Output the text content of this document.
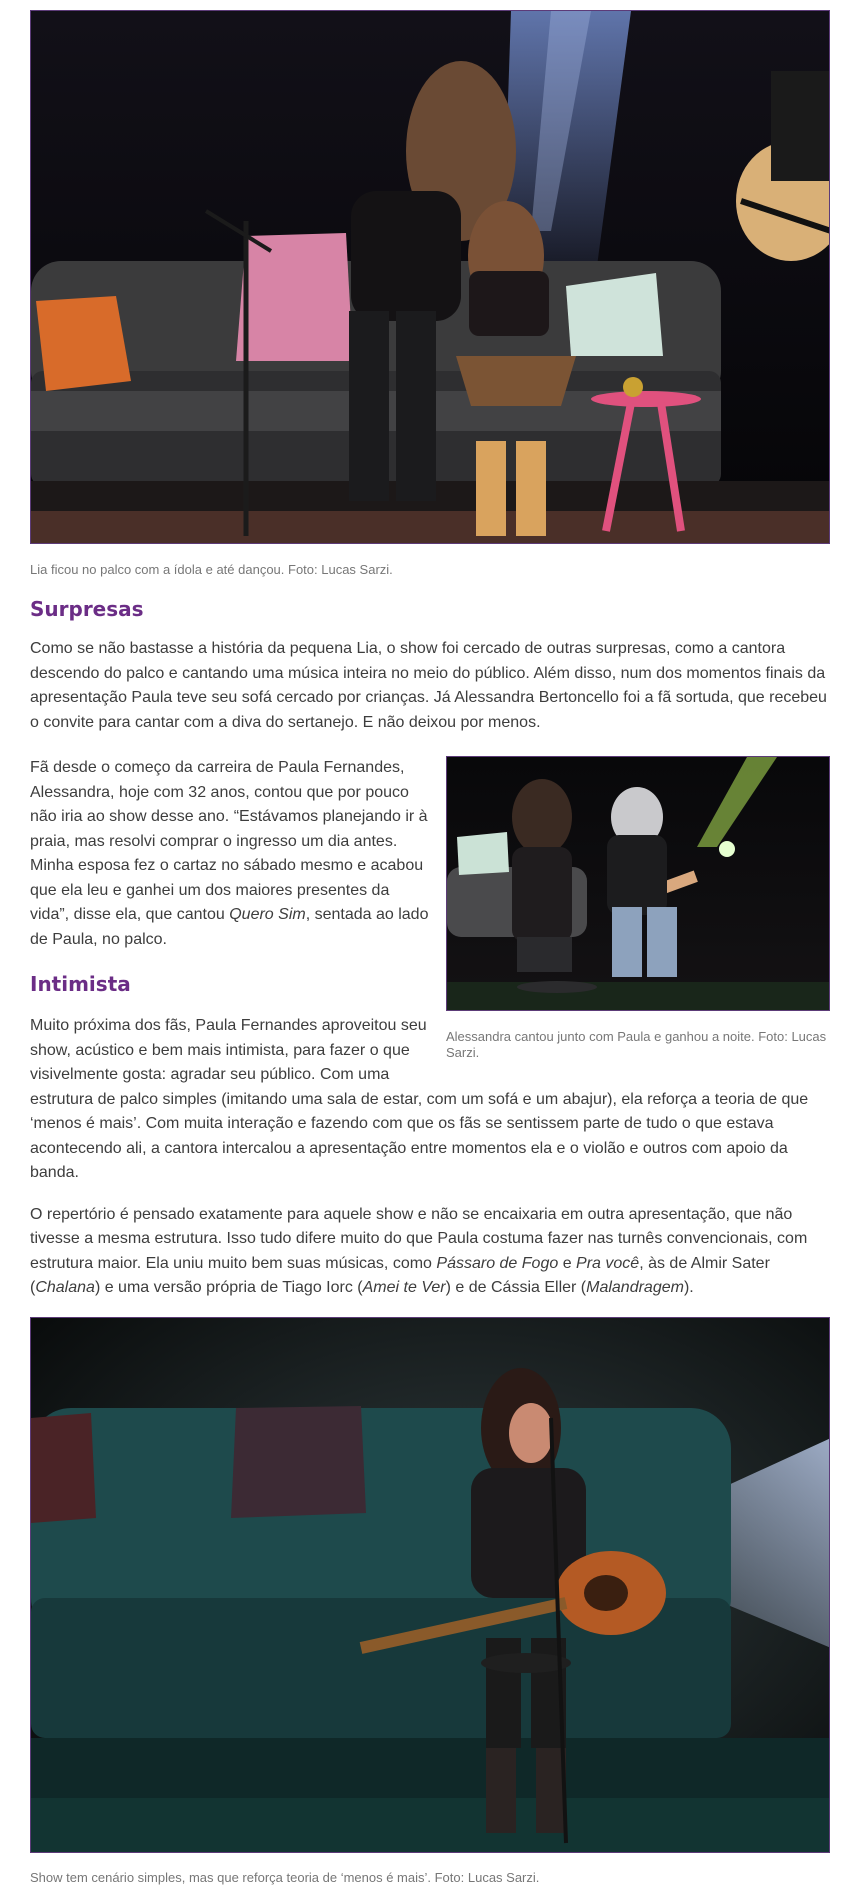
Lia ficou no palco com a ídola e até dançou. Foto: Lucas Sarzi.

Surpresas

Como se não bastasse a história da pequena Lia, o show foi cercado de outras surpresas, como a cantora descendo do palco e cantando uma música inteira no meio do público. Além disso, num dos momentos finais da apresentação Paula teve seu sofá cercado por crianças. Já Alessandra Bertoncello foi a fã sortuda, que recebeu o convite para cantar com a diva do sertanejo. E não deixou por menos.

Alessandra cantou junto com Paula e ganhou a noite. Foto: Lucas Sarzi.

Fã desde o começo da carreira de Paula Fernandes, Alessandra, hoje com 32 anos, contou que por pouco não iria ao show desse ano. “Estávamos planejando ir à praia, mas resolvi comprar o ingresso um dia antes. Minha esposa fez o cartaz no sábado mesmo e acabou que ela leu e ganhei um dos maiores presentes da vida”, disse ela, que cantou Quero Sim, sentada ao lado de Paula, no palco.

Intimista

Muito próxima dos fãs, Paula Fernandes aproveitou seu show, acústico e bem mais intimista, para fazer o que visivelmente gosta: agradar seu público. Com uma estrutura de palco simples (imitando uma sala de estar, com um sofá e um abajur), ela reforça a teoria de que ‘menos é mais’. Com muita interação e fazendo com que os fãs se sentissem parte de tudo o que estava acontecendo ali, a cantora intercalou a apresentação entre momentos ela e o violão e outros com apoio da banda.

O repertório é pensado exatamente para aquele show e não se encaixaria em outra apresentação, que não tivesse a mesma estrutura. Isso tudo difere muito do que Paula costuma fazer nas turnês convencionais, com estrutura maior. Ela uniu muito bem suas músicas, como Pássaro de Fogo e Pra você, às de Almir Sater (Chalana) e uma versão própria de Tiago Iorc (Amei te Ver) e de Cássia Eller (Malandragem).

Show tem cenário simples, mas que reforça teoria de ‘menos é mais’. Foto: Lucas Sarzi.
